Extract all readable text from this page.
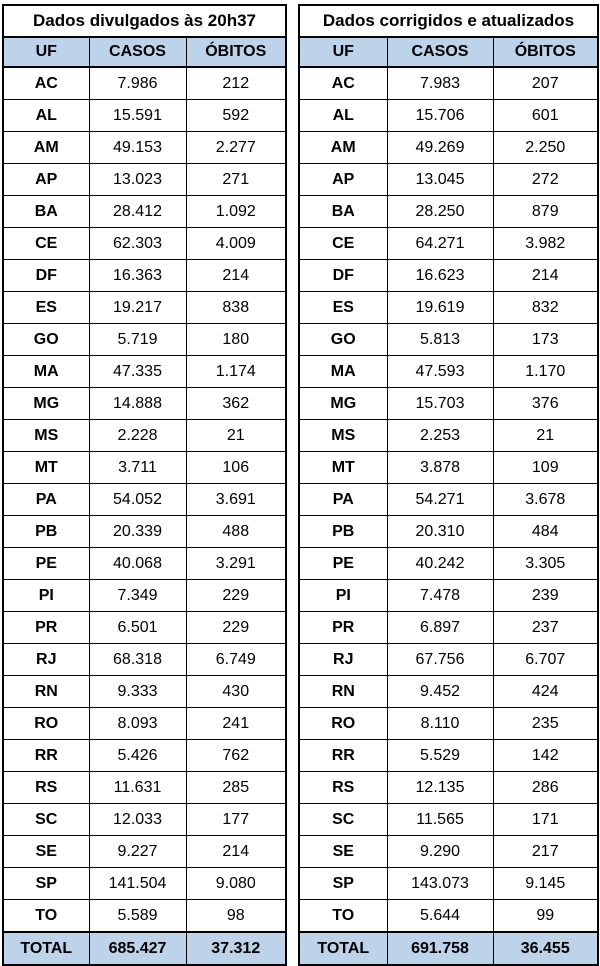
Dados divulgados às 20h37		
UF	CASOS	ÓBITOS
AC	7.986	212
AL	15.591	592
AM	49.153	2.277
AP	13.023	271
BA	28.412	1.092
CE	62.303	4.009
DF	16.363	214
ES	19.217	838
GO	5.719	180
MA	47.335	1.174
MG	14.888	362
MS	2.228	21
MT	3.711	106
PA	54.052	3.691
PB	20.339	488
PE	40.068	3.291
PI	7.349	229
PR	6.501	229
RJ	68.318	6.749
RN	9.333	430
RO	8.093	241
RR	5.426	762
RS	11.631	285
SC	12.033	177
SE	9.227	214
SP	141.504	9.080
TO	5.589	98
TOTAL	685.427	37.312
Dados corrigidos e atualizados		
UF	CASOS	ÓBITOS
AC	7.983	207
AL	15.706	601
AM	49.269	2.250
AP	13.045	272
BA	28.250	879
CE	64.271	3.982
DF	16.623	214
ES	19.619	832
GO	5.813	173
MA	47.593	1.170
MG	15.703	376
MS	2.253	21
MT	3.878	109
PA	54.271	3.678
PB	20.310	484
PE	40.242	3.305
PI	7.478	239
PR	6.897	237
RJ	67.756	6.707
RN	9.452	424
RO	8.110	235
RR	5.529	142
RS	12.135	286
SC	11.565	171
SE	9.290	217
SP	143.073	9.145
TO	5.644	99
TOTAL	691.758	36.455
